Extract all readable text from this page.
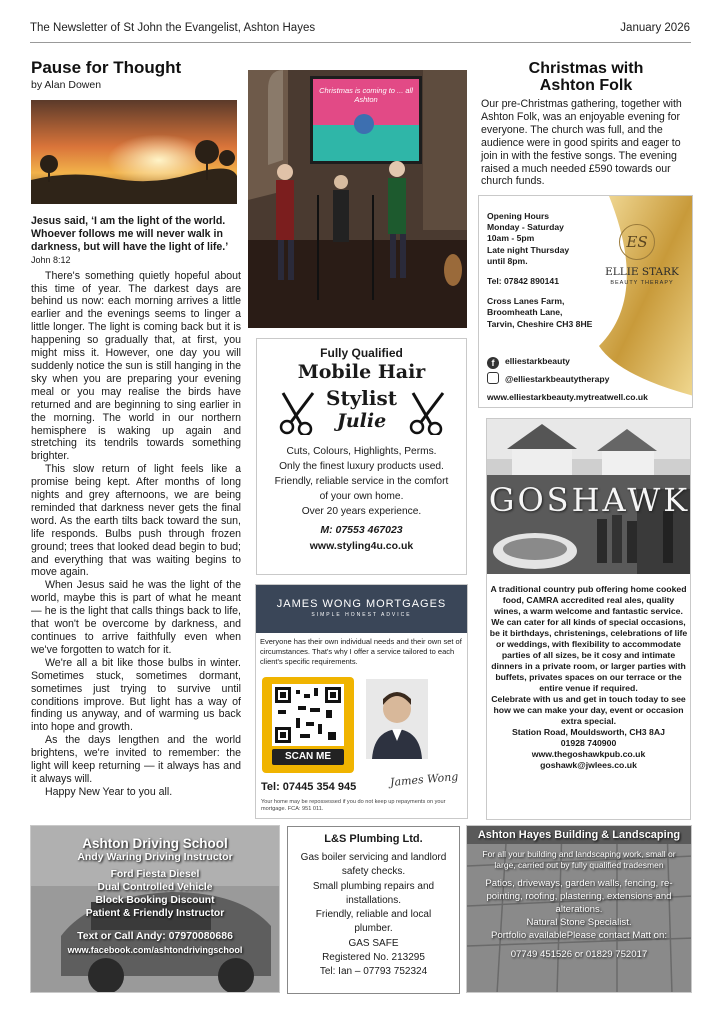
The Newsletter of St John the Evangelist, Ashton Hayes	January 2026
Pause for Thought
by Alan Dowen

Jesus said, ‘I am the light of the world. Whoever follows me will never walk in darkness, but will have the light of life.’

John 8:12

There's something quietly hopeful about this time of year. The darkest days are behind us now: each morning arrives a little earlier and the evenings seems to linger a little longer. The light is coming back but it is happening so gradually that, at first, you might miss it. However, one day you will suddenly notice the sun is still hanging in the sky when you are preparing your evening meal or you may realise the birds have returned and are beginning to sing earlier in the morning. The world in our northern hemisphere is waking up again and stretching its tendrils towards something brighter.

This slow return of light feels like a promise being kept. After months of long nights and grey afternoons, we are being reminded that darkness never gets the final word. As the earth tilts back toward the sun, life responds. Bulbs push through frozen ground; trees that looked dead begin to bud; and everything that was waiting begins to move again.

When Jesus said he was the light of the world, maybe this is part of what he meant — he is the light that calls things back to life, that won't be overcome by darkness, and continues to arrive faithfully even when we've forgotten to watch for it.

We're all a bit like those bulbs in winter. Sometimes stuck, sometimes dormant, sometimes just trying to survive until conditions improve. But light has a way of finding us anyway, and of warming us back into hope and growth.

As the days lengthen and the world brightens, we're invited to remember: the light will keep returning — it always has and it always will.

Happy New Year to you all.

Christmas is coming to ... all Ashton
Christmas with
Ashton Folk

Our pre-Christmas gathering, together with Ashton Folk, was an enjoyable evening for everyone. The church was full, and the audience were in good spirits and eager to join in with the festive songs. The evening raised a much needed £590 towards our church funds.

Opening Hours
Monday - Saturday
10am - 5pm
Late night Thursday
until 8pm.
Tel: 07842 890141
Cross Lanes Farm,
Broomheath Lane,
Tarvin, Cheshire CH3 8HE
ES
ELLIE STARK
BEAUTY THERAPY
f elliestarkbeauty
@elliestarkbeautytherapy
www.elliestarkbeauty.mytreatwell.co.uk
Fully Qualified
Mobile Hair
Stylist
Julie
Cuts, Colours, Highlights, Perms.
Only the finest luxury products used.
Friendly, reliable service in the comfort
of your own home.
Over 20 years experience.
M: 07553 467023
www.styling4u.co.uk
JAMES WONG MORTGAGES
SIMPLE HONEST ADVICE
Everyone has their own individual needs and their own set of circumstances. That's why I offer a service tailored to each client's specific requirements.
SCAN ME
Tel: 07445 354 945	James Wong
Your home may be repossessed if you do not keep up repayments on your mortgage. FCA: 951 011.
GOSHAWK
A traditional country pub offering home cooked food, CAMRA accredited real ales, quality wines, a warm welcome and fantastic service.
We can cater for all kinds of special occasions, be it birthdays, christenings, celebrations of life or weddings, with flexibility to accommodate parties of all sizes, be it cosy and intimate dinners in a private room, or larger parties with buffets, privates spaces on our terrace or the entire venue if required.
Celebrate with us and get in touch today to see how we can make your day, event or occasion extra special.
Station Road, Mouldsworth, CH3 8AJ
01928 740900
www.thegoshawkpub.co.uk
goshawk@jwlees.co.uk
Ashton Driving School
Andy Waring Driving Instructor
Ford Fiesta Diesel
Dual Controlled Vehicle
Block Booking Discount
Patient & Friendly Instructor
Text or Call Andy: 07970080686
www.facebook.com/ashtondrivingschool
L&S Plumbing Ltd.
Gas boiler servicing and landlord safety checks.
Small plumbing repairs and installations.
Friendly, reliable and local plumber.
GAS SAFE
Registered No. 213295
Tel: Ian – 07793 752324
Ashton Hayes Building & Landscaping
For all your building and landscaping work, small or large, carried out by fully qualified tradesmen
Patios, driveways, garden walls, fencing, re-pointing, roofing, plastering, extensions and alterations.
Natural Stone Specialist.
Portfolio availablePlease contact Matt on:
07749 451526 or 01829 752017
